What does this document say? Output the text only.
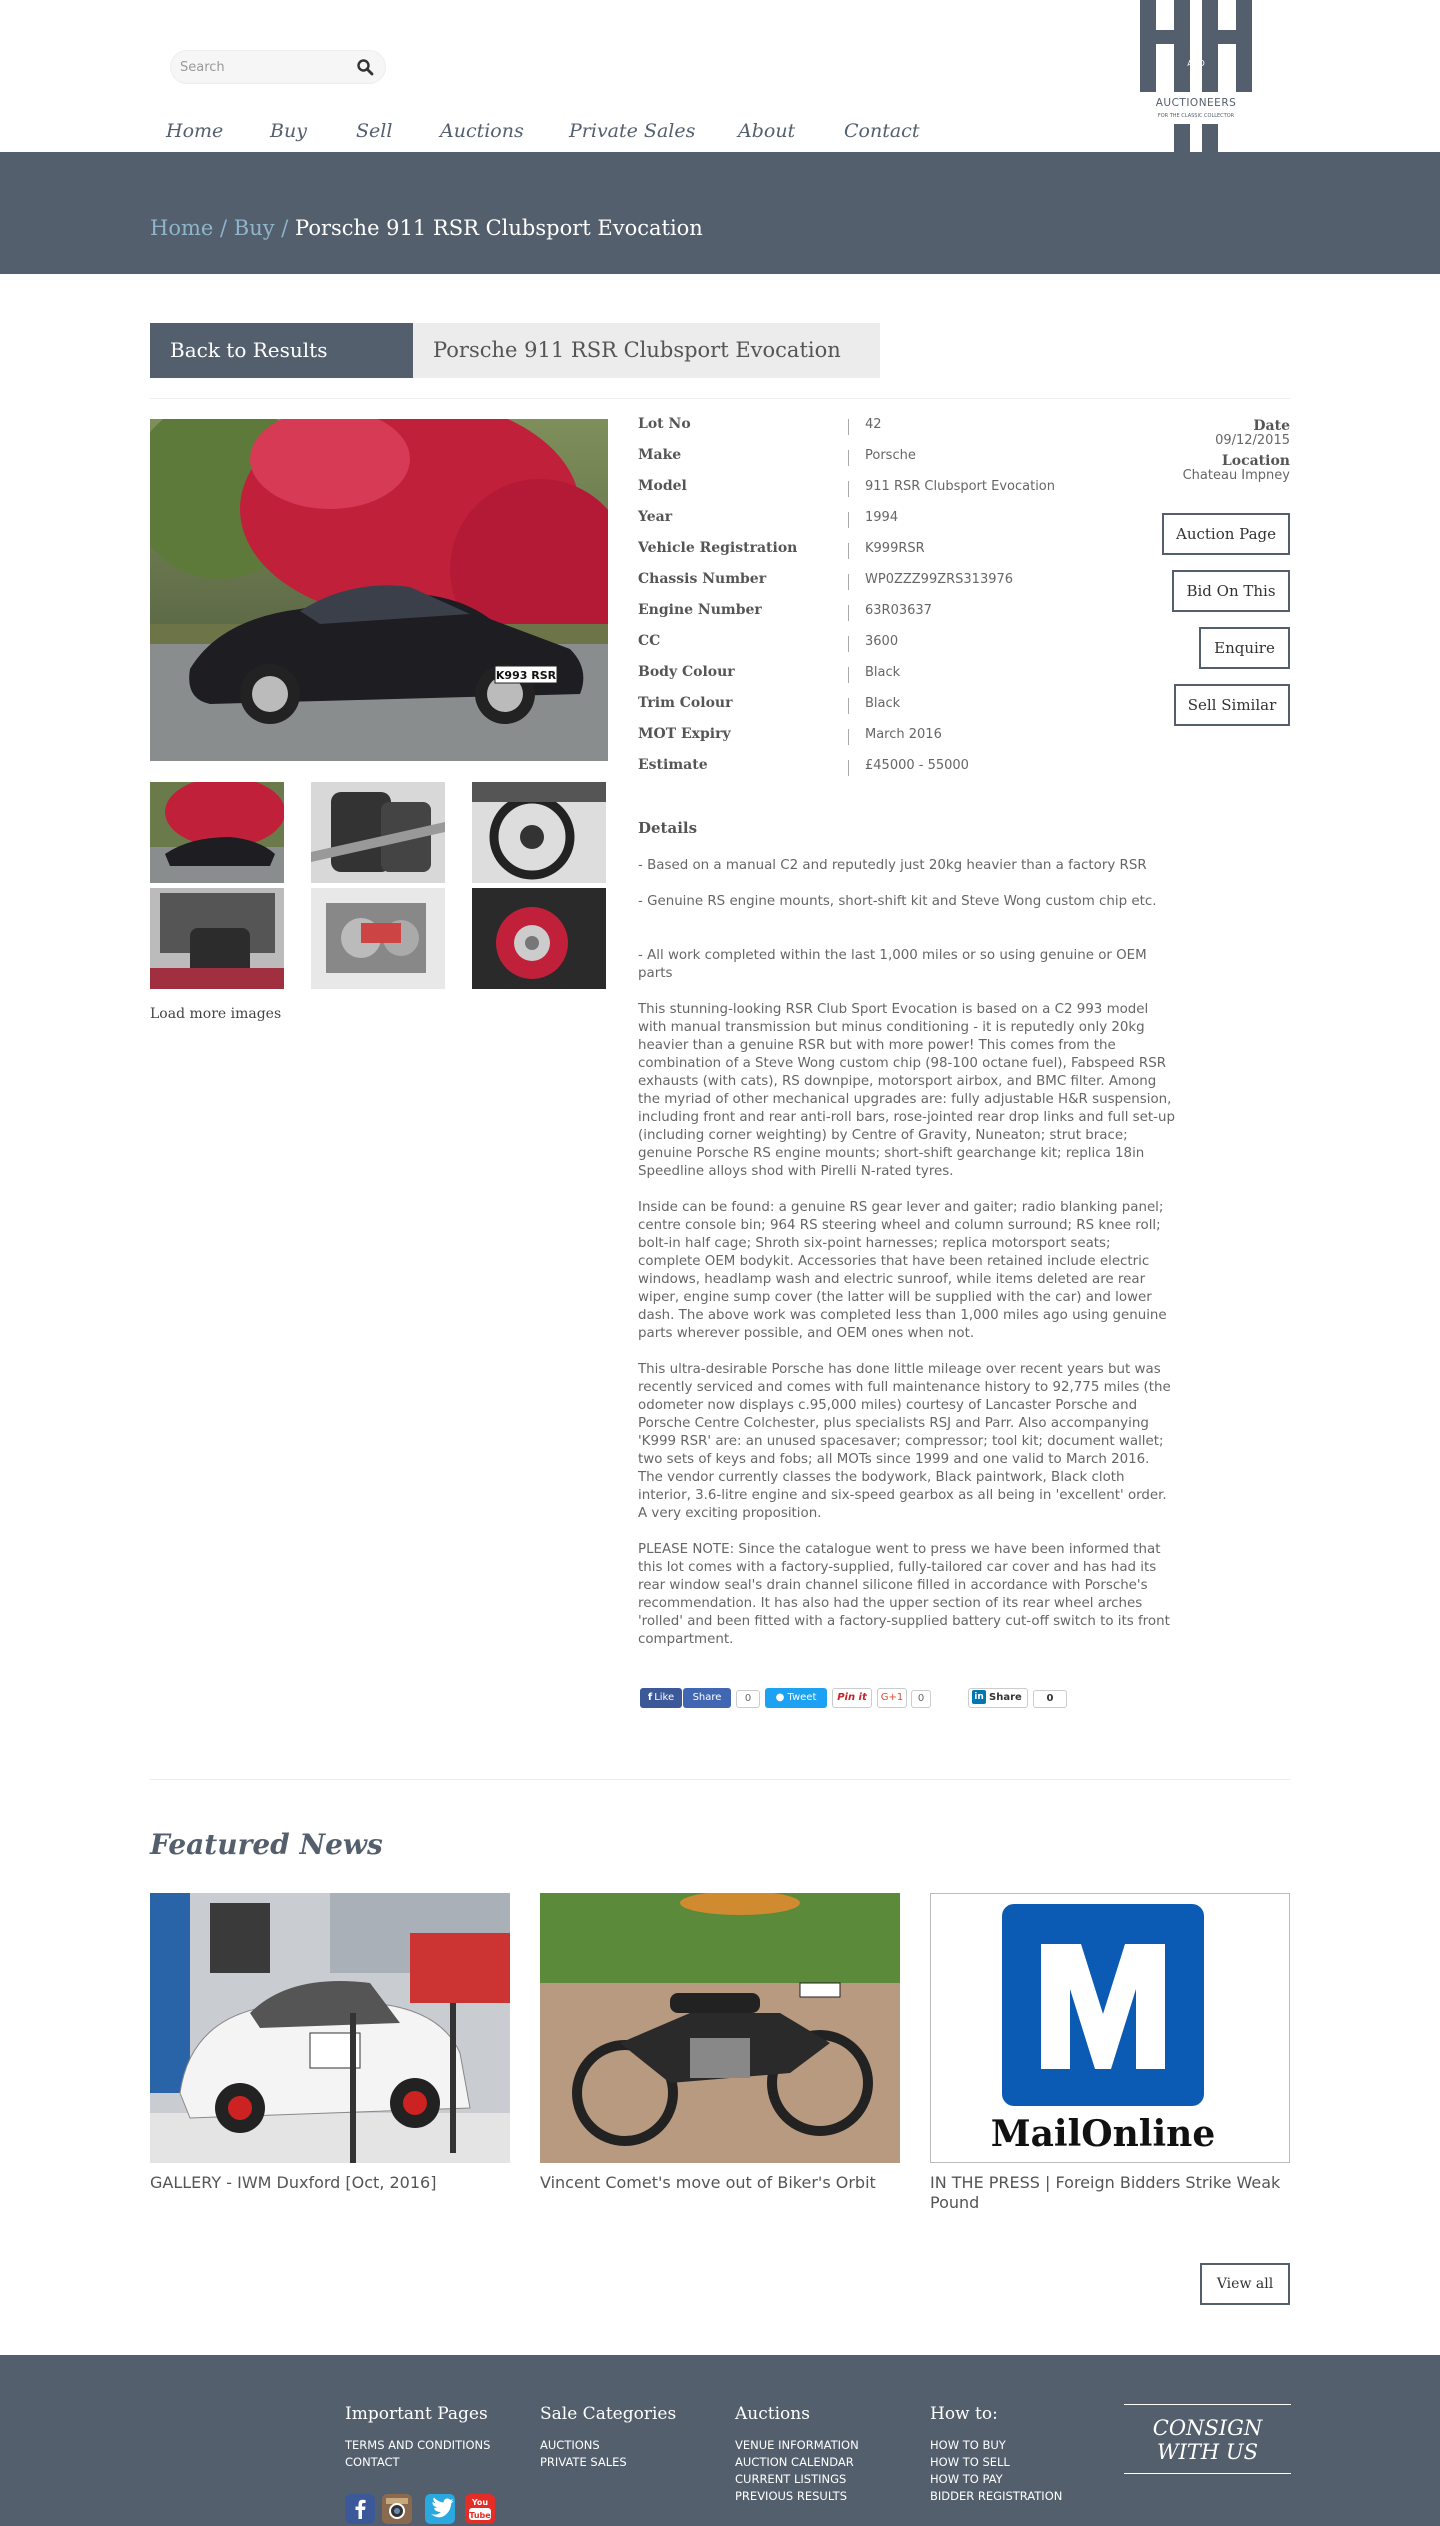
Search
Home Buy	Sell	Auctions Private Sales About	Contact
AND
AUCTIONEERS
FOR THE CLASSIC COLLECTOR
Home / Buy / Porsche 911 RSR Clubsport Evocation
Back to Results	Porsche 911 RSR Clubsport Evocation
K993 RSR
Load more images
Lot No	42
Make	Porsche
Model	911 RSR Clubsport Evocation
Year	1994
Vehicle Registration	K999RSR
Chassis Number	WP0ZZZ99ZRS313976
Engine Number	63R03637
CC	3600
Body Colour	Black
Trim Colour	Black
MOT Expiry	March 2016
Estimate	£45000 - 55000
Date
09/12/2015
Location
Chateau Impney
Auction Page
Bid On This
Enquire
Sell Similar
Details

- Based on a manual C2 and reputedly just 20kg heavier than a factory RSR

- Genuine RS engine mounts, short-shift kit and Steve Wong custom chip etc.

- All work completed within the last 1,000 miles or so using genuine or OEM parts

This stunning-looking RSR Club Sport Evocation is based on a C2 993 model with manual transmission but minus conditioning - it is reputedly only 20kg heavier than a genuine RSR but with more power! This comes from the combination of a Steve Wong custom chip (98-100 octane fuel), Fabspeed RSR exhausts (with cats), RS downpipe, motorsport airbox, and BMC filter. Among the myriad of other mechanical upgrades are: fully adjustable H&R suspension, including front and rear anti-roll bars, rose-jointed rear drop links and full set-up (including corner weighting) by Centre of Gravity, Nuneaton; strut brace; genuine Porsche RS engine mounts; short-shift gearchange kit; replica 18in Speedline alloys shod with Pirelli N-rated tyres.

Inside can be found: a genuine RS gear lever and gaiter; radio blanking panel; centre console bin; 964 RS steering wheel and column surround; RS knee roll; bolt-in half cage; Shroth six-point harnesses; replica motorsport seats; complete OEM bodykit. Accessories that have been retained include electric windows, headlamp wash and electric sunroof, while items deleted are rear wiper, engine sump cover (the latter will be supplied with the car) and lower dash. The above work was completed less than 1,000 miles ago using genuine parts wherever possible, and OEM ones when not.

This ultra-desirable Porsche has done little mileage over recent years but was recently serviced and comes with full maintenance history to 92,775 miles (the odometer now displays c.95,000 miles) courtesy of Lancaster Porsche and Porsche Centre Colchester, plus specialists RSJ and Parr. Also accompanying 'K999 RSR' are: an unused spacesaver; compressor; tool kit; document wallet; two sets of keys and fobs; all MOTs since 1999 and one valid to March 2016. The vendor currently classes the bodywork, Black paintwork, Black cloth interior, 3.6-litre engine and six-speed gearbox as all being in 'excellent' order. A very exciting proposition.

PLEASE NOTE: Since the catalogue went to press we have been informed that this lot comes with a factory-supplied, fully-tailored car cover and has had its rear window seal's drain channel silicone filled in accordance with Porsche's recommendation. It has also had the upper section of its rear wheel arches 'rolled' and been fitted with a factory-supplied battery cut-off switch to its front compartment.

f Like	Share	0	● Tweet	Pin it	G+1	0	in Share	0
Featured News
MailOnline
GALLERY - IWM Duxford [Oct, 2016]	Vincent Comet's move out of Biker's Orbit	IN THE PRESS | Foreign Bidders Strike Weak Pound
View all
Important Pages
TERMS AND CONDITIONS
CONTACT
Sale Categories
AUCTIONS
PRIVATE SALES
Auctions
VENUE INFORMATION
AUCTION CALENDAR
CURRENT LISTINGS
PREVIOUS RESULTS
How to:
HOW TO BUY
HOW TO SELL
HOW TO PAY
BIDDER REGISTRATION
CONSIGN WITH US
Tube
You
